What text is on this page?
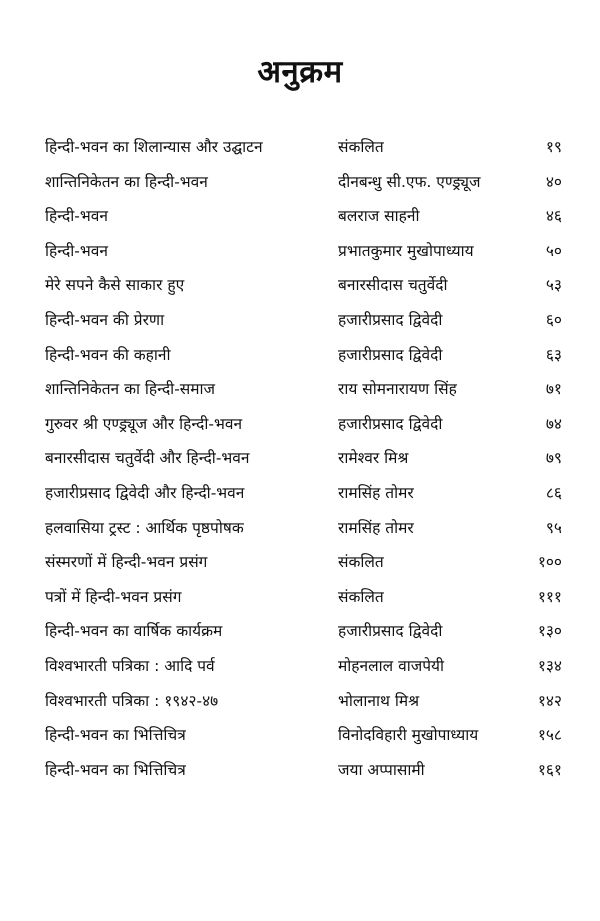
अनुक्रम
हिन्दी-भवन का शिलान्यास और उद्घाटन	संकलित	१९
शान्तिनिकेतन का हिन्दी-भवन	दीनबन्धु सी.एफ. एण्ड्र्यूज	४०
हिन्दी-भवन	बलराज साहनी	४६
हिन्दी-भवन	प्रभातकुमार मुखोपाध्याय	५०
मेरे सपने कैसे साकार हुए	बनारसीदास चतुर्वेदी	५३
हिन्दी-भवन की प्रेरणा	हजारीप्रसाद द्विवेदी	६०
हिन्दी-भवन की कहानी	हजारीप्रसाद द्विवेदी	६३
शान्तिनिकेतन का हिन्दी-समाज	राय सोमनारायण सिंह	७१
गुरुवर श्री एण्ड्र्यूज और हिन्दी-भवन	हजारीप्रसाद द्विवेदी	७४
बनारसीदास चतुर्वेदी और हिन्दी-भवन	रामेश्वर मिश्र	७९
हजारीप्रसाद द्विवेदी और हिन्दी-भवन	रामसिंह तोमर	८६
हलवासिया ट्रस्ट : आर्थिक पृष्ठपोषक	रामसिंह तोमर	९५
संस्मरणों में हिन्दी-भवन प्रसंग	संकलित	१००
पत्रों में हिन्दी-भवन प्रसंग	संकलित	१११
हिन्दी-भवन का वार्षिक कार्यक्रम	हजारीप्रसाद द्विवेदी	१३०
विश्वभारती पत्रिका : आदि पर्व	मोहनलाल वाजपेयी	१३४
विश्वभारती पत्रिका : १९४२-४७	भोलानाथ मिश्र	१४२
हिन्दी-भवन का भित्तिचित्र	विनोदविहारी मुखोपाध्याय	१५८
हिन्दी-भवन का भित्तिचित्र	जया अप्पासामी	१६१
